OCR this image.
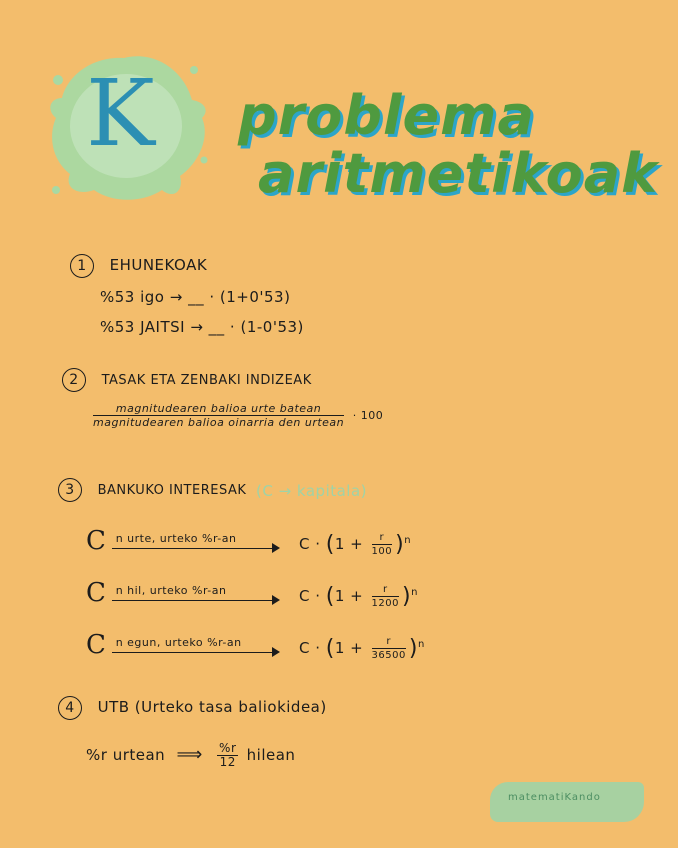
K problema
aritmetikoak
1 EHUNEKOAK
%53 igo → __ · (1+0'53)
%53 JAITSI → __ · (1-0'53)
2 TASAK ETA ZENBAKI INDIZEAK
$\frac{\text{magnitudearen balioa urte batean}}{\text{magnitudearen balioa oinarria den urtean}} \cdot 100$
3 BANKUKO INTERESAK (C → kapitala)
C n urte, urteko %r-an	$C \cdot (1 + \frac{r}{100} )^n$
C n hil, urteko %r-an	$C \cdot (1 + \frac{r}{1200} )^n$
C n egun, urteko %r-an	$C \cdot (1 + \frac{r}{36500} )^n$
4 UTB (Urteko tasa baliokidea)
%r urtean ⟹ $\frac{\%r}{12}$ hilean
matematiKando
